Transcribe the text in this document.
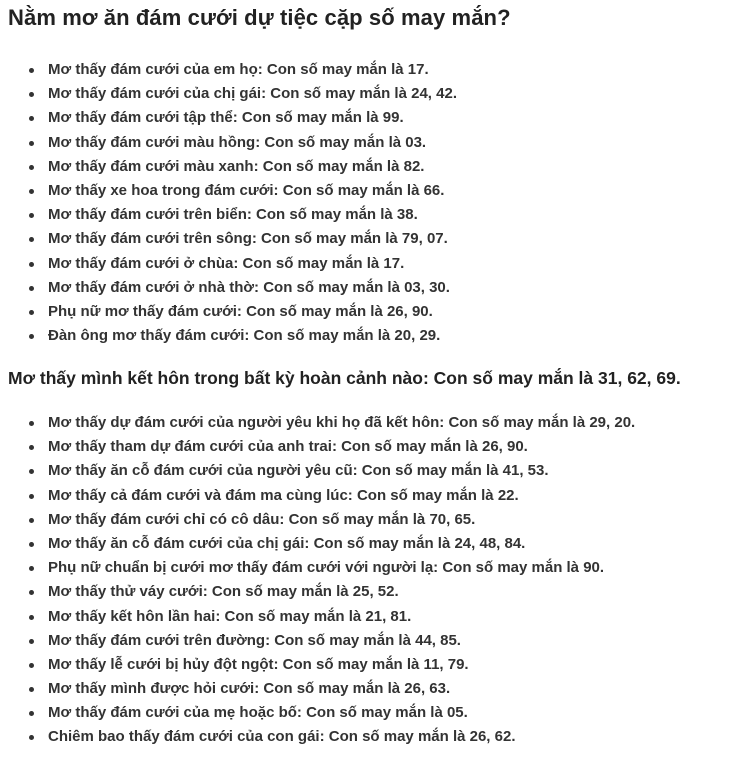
Nằm mơ ăn đám cưới dự tiệc cặp số may mắn?
Mơ thấy đám cưới của em họ: Con số may mắn là 17.
Mơ thấy đám cưới của chị gái: Con số may mắn là 24, 42.
Mơ thấy đám cưới tập thể: Con số may mắn là 99.
Mơ thấy đám cưới màu hồng: Con số may mắn là 03.
Mơ thấy đám cưới màu xanh: Con số may mắn là 82.
Mơ thấy xe hoa trong đám cưới: Con số may mắn là 66.
Mơ thấy đám cưới trên biển: Con số may mắn là 38.
Mơ thấy đám cưới trên sông: Con số may mắn là 79, 07.
Mơ thấy đám cưới ở chùa: Con số may mắn là 17.
Mơ thấy đám cưới ở nhà thờ: Con số may mắn là 03, 30.
Phụ nữ mơ thấy đám cưới: Con số may mắn là 26, 90.
Đàn ông mơ thấy đám cưới: Con số may mắn là 20, 29.
Mơ thấy mình kết hôn trong bất kỳ hoàn cảnh nào: Con số may mắn là 31, 62, 69.
Mơ thấy dự đám cưới của người yêu khi họ đã kết hôn: Con số may mắn là 29, 20.
Mơ thấy tham dự đám cưới của anh trai: Con số may mắn là 26, 90.
Mơ thấy ăn cỗ đám cưới của người yêu cũ: Con số may mắn là 41, 53.
Mơ thấy cả đám cưới và đám ma cùng lúc: Con số may mắn là 22.
Mơ thấy đám cưới chỉ có cô dâu: Con số may mắn là 70, 65.
Mơ thấy ăn cỗ đám cưới của chị gái: Con số may mắn là 24, 48, 84.
Phụ nữ chuẩn bị cưới mơ thấy đám cưới với người lạ: Con số may mắn là 90.
Mơ thấy thử váy cưới: Con số may mắn là 25, 52.
Mơ thấy kết hôn lần hai: Con số may mắn là 21, 81.
Mơ thấy đám cưới trên đường: Con số may mắn là 44, 85.
Mơ thấy lễ cưới bị hủy đột ngột: Con số may mắn là 11, 79.
Mơ thấy mình được hỏi cưới: Con số may mắn là 26, 63.
Mơ thấy đám cưới của mẹ hoặc bố: Con số may mắn là 05.
Chiêm bao thấy đám cưới của con gái: Con số may mắn là 26, 62.
